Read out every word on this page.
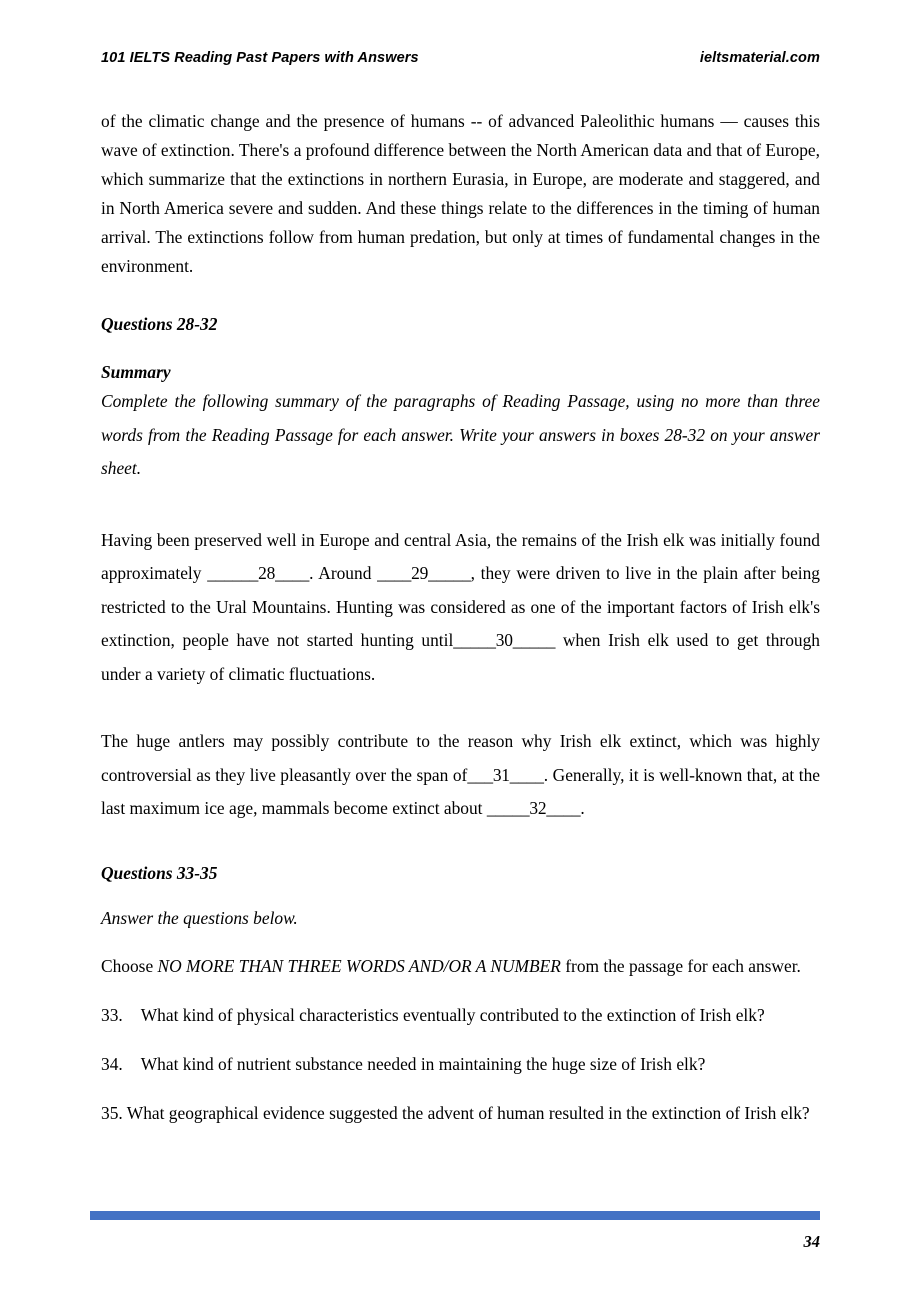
101 IELTS Reading Past Papers with Answers	ieltsmaterial.com

of the climatic change and the presence of humans -- of advanced Paleolithic humans — causes this wave of extinction. There's a profound difference between the North American data and that of Europe, which summarize that the extinctions in northern Eurasia, in Europe, are moderate and staggered, and in North America severe and sudden. And these things relate to the differences in the timing of human arrival. The extinctions follow from human predation, but only at times of fundamental changes in the environment.

Questions 28-32

Summary

Complete the following summary of the paragraphs of Reading Passage, using no more than three words from the Reading Passage for each answer. Write your answers in boxes 28-32 on your answer sheet.

Having been preserved well in Europe and central Asia, the remains of the Irish elk was initially found approximately ______28____. Around ____29_____, they were driven to live in the plain after being restricted to the Ural Mountains. Hunting was considered as one of the important factors of Irish elk's extinction, people have not started hunting until_____30_____ when Irish elk used to get through under a variety of climatic fluctuations.

The huge antlers may possibly contribute to the reason why Irish elk extinct, which was highly controversial as they live pleasantly over the span of___31____. Generally, it is well-known that, at the last maximum ice age, mammals become extinct about _____32____.

Questions 33-35

Answer the questions below.

Choose NO MORE THAN THREE WORDS AND/OR A NUMBER from the passage for each answer.

33. What kind of physical characteristics eventually contributed to the extinction of Irish elk?

34. What kind of nutrient substance needed in maintaining the huge size of Irish elk?

35. What geographical evidence suggested the advent of human resulted in the extinction of Irish elk?

34
